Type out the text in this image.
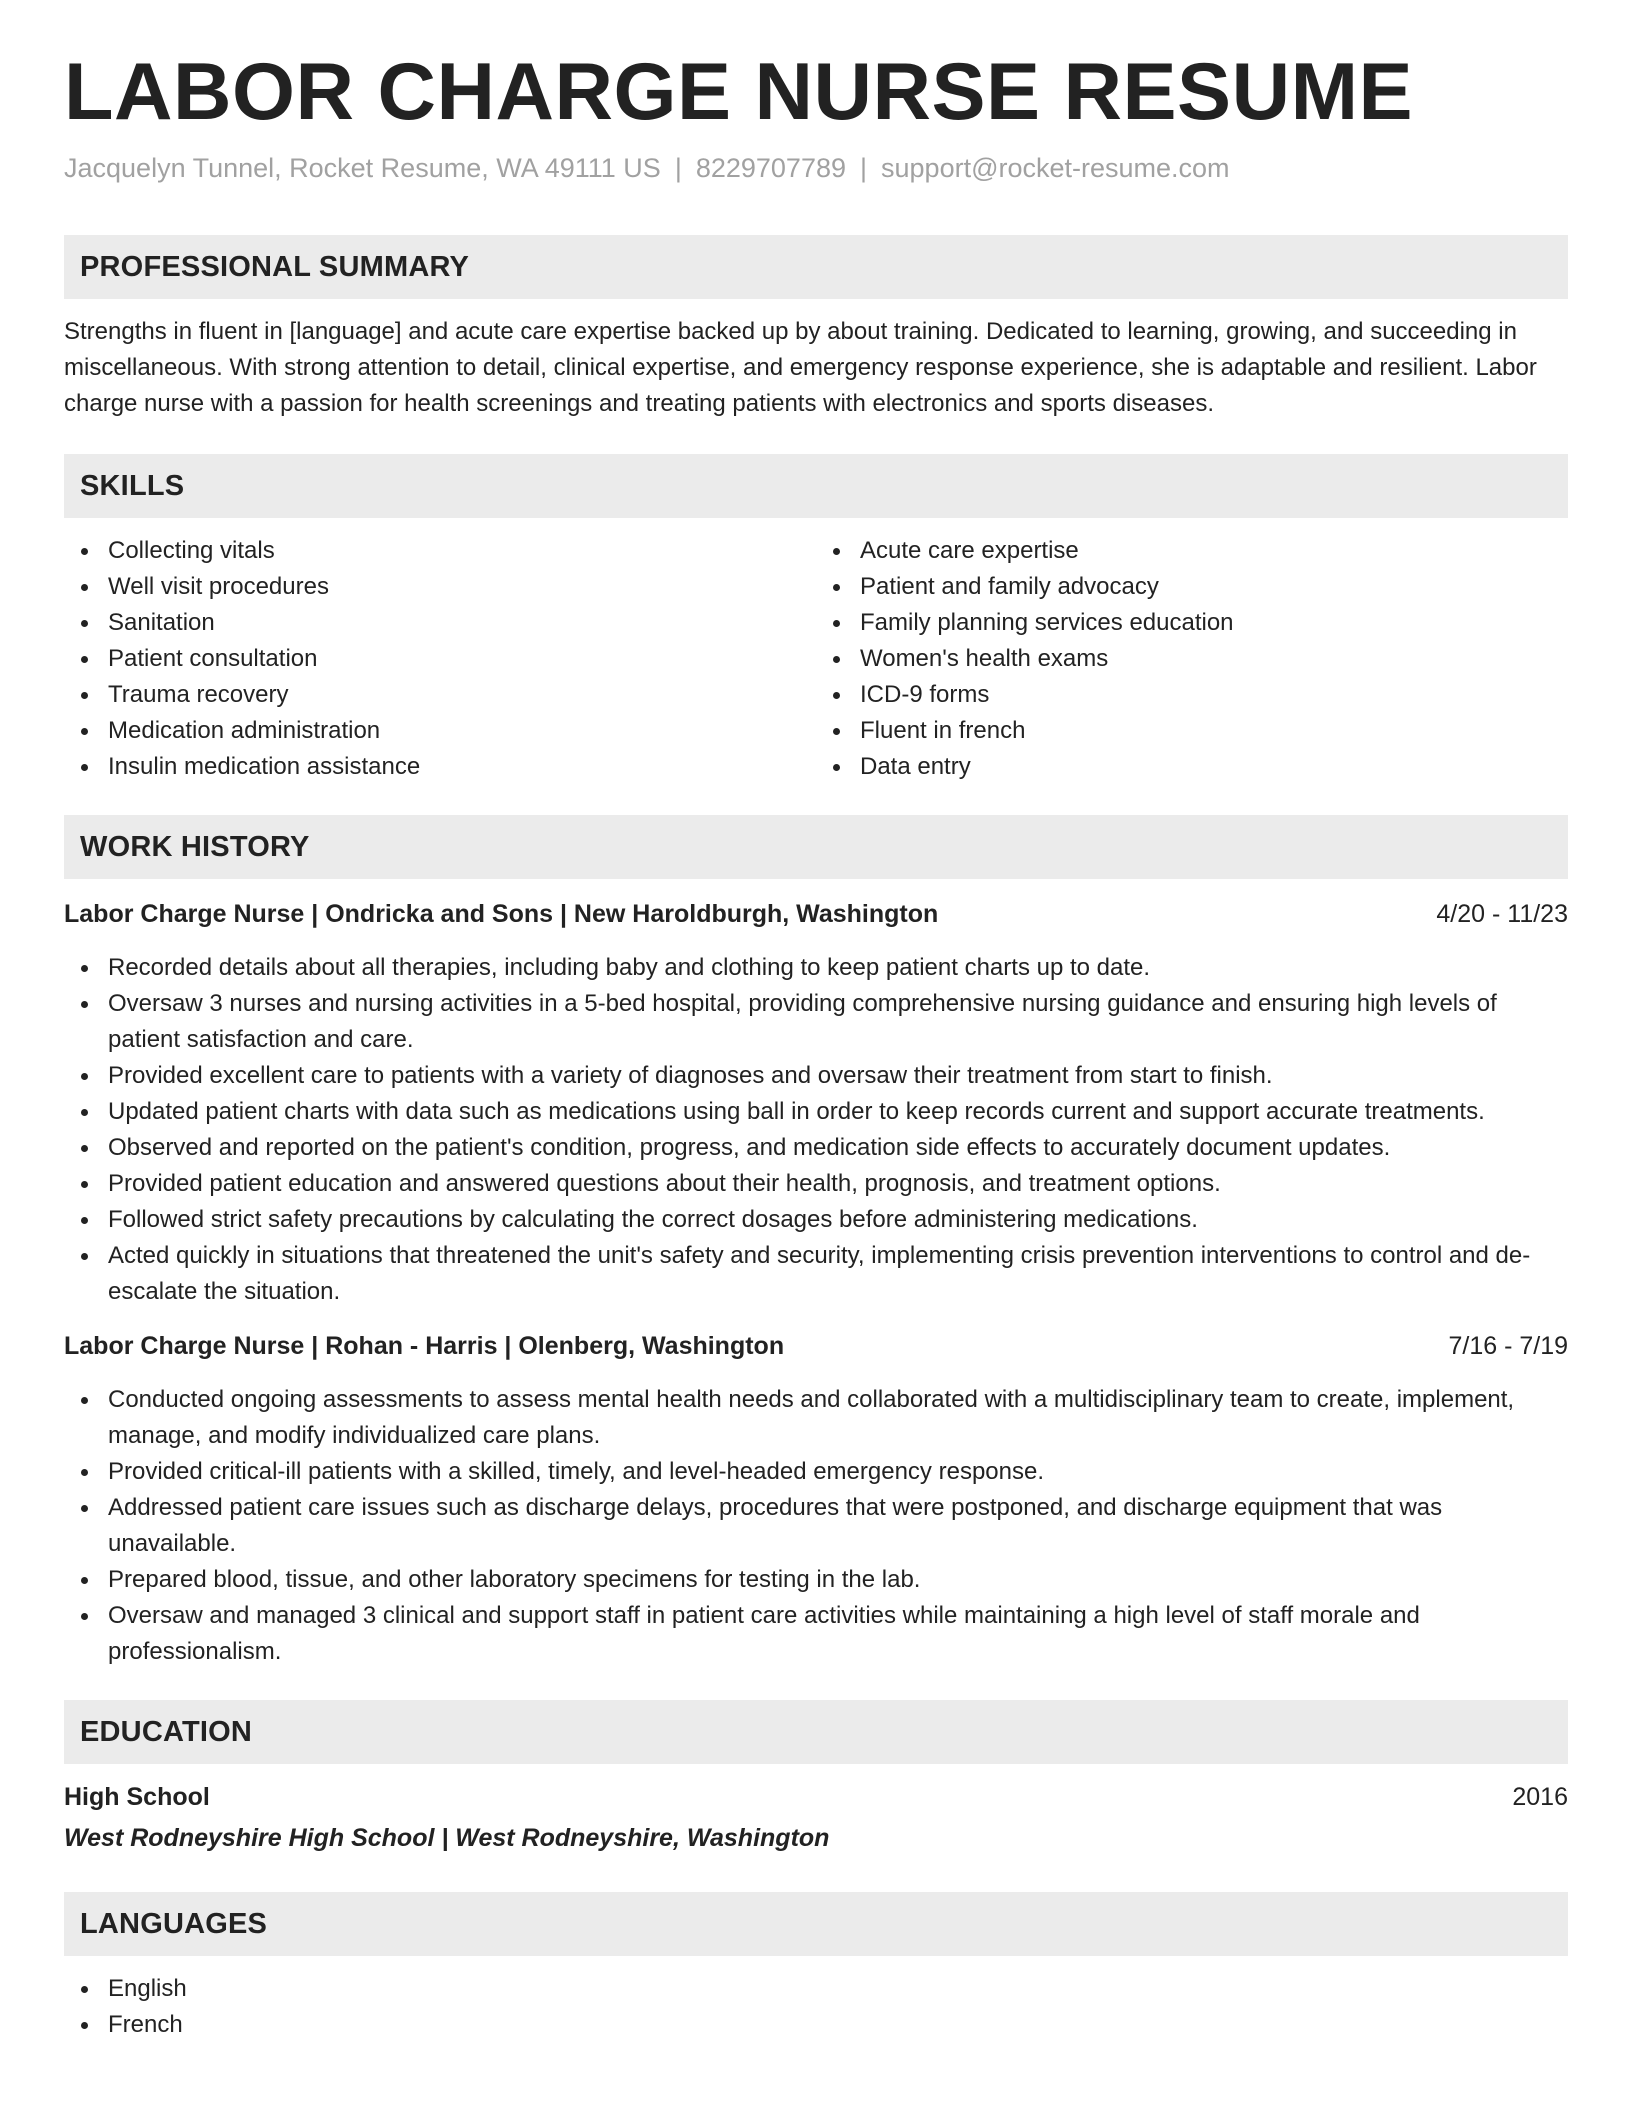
LABOR CHARGE NURSE RESUME
Jacquelyn Tunnel, Rocket Resume, WA 49111 US | 8229707789 | support@rocket-resume.com
PROFESSIONAL SUMMARY
Strengths in fluent in [language] and acute care expertise backed up by about training. Dedicated to learning, growing, and succeeding in miscellaneous. With strong attention to detail, clinical expertise, and emergency response experience, she is adaptable and resilient. Labor charge nurse with a passion for health screenings and treating patients with electronics and sports diseases.
SKILLS
Collecting vitals
Well visit procedures
Sanitation
Patient consultation
Trauma recovery
Medication administration
Insulin medication assistance
Acute care expertise
Patient and family advocacy
Family planning services education
Women's health exams
ICD-9 forms
Fluent in french
Data entry
WORK HISTORY
Labor Charge Nurse | Ondricka and Sons | New Haroldburgh, Washington	4/20 - 11/23
Recorded details about all therapies, including baby and clothing to keep patient charts up to date.
Oversaw 3 nurses and nursing activities in a 5-bed hospital, providing comprehensive nursing guidance and ensuring high levels of patient satisfaction and care.
Provided excellent care to patients with a variety of diagnoses and oversaw their treatment from start to finish.
Updated patient charts with data such as medications using ball in order to keep records current and support accurate treatments.
Observed and reported on the patient's condition, progress, and medication side effects to accurately document updates.
Provided patient education and answered questions about their health, prognosis, and treatment options.
Followed strict safety precautions by calculating the correct dosages before administering medications.
Acted quickly in situations that threatened the unit's safety and security, implementing crisis prevention interventions to control and de-escalate the situation.
Labor Charge Nurse | Rohan - Harris | Olenberg, Washington	7/16 - 7/19
Conducted ongoing assessments to assess mental health needs and collaborated with a multidisciplinary team to create, implement, manage, and modify individualized care plans.
Provided critical-ill patients with a skilled, timely, and level-headed emergency response.
Addressed patient care issues such as discharge delays, procedures that were postponed, and discharge equipment that was unavailable.
Prepared blood, tissue, and other laboratory specimens for testing in the lab.
Oversaw and managed 3 clinical and support staff in patient care activities while maintaining a high level of staff morale and professionalism.
EDUCATION
High School	2016
West Rodneyshire High School | West Rodneyshire, Washington
LANGUAGES
English
French
